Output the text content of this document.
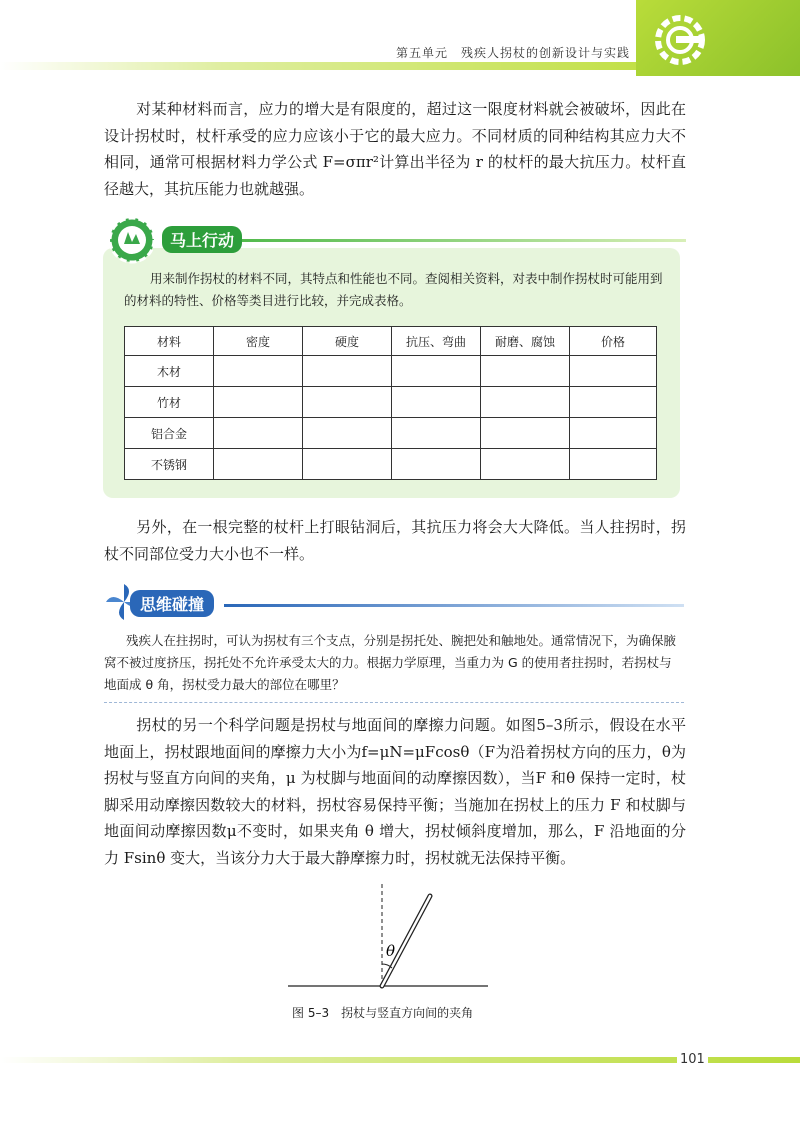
第五单元　残疾人拐杖的创新设计与实践

对某种材料而言，应力的增大是有限度的，超过这一限度材料就会被破坏，因此在设计拐杖时，杖杆承受的应力应该小于它的最大应力。不同材质的同种结构其应力大不相同，通常可根据材料力学公式 F=σπr²计算出半径为 r 的杖杆的最大抗压力。杖杆直径越大，其抗压能力也就越强。

马上行动

用来制作拐杖的材料不同，其特点和性能也不同。查阅相关资料，对表中制作拐杖时可能用到的材料的特性、价格等类目进行比较，并完成表格。

材料	密度	硬度	抗压、弯曲	耐磨、腐蚀	价格
木材					
竹材					
铝合金					
不锈钢					

另外，在一根完整的杖杆上打眼钻洞后，其抗压力将会大大降低。当人拄拐时，拐杖不同部位受力大小也不一样。

思维碰撞

残疾人在拄拐时，可认为拐杖有三个支点，分别是拐托处、腕把处和触地处。通常情况下，为确保腋窝不被过度挤压，拐托处不允许承受太大的力。根据力学原理，当重力为 G 的使用者拄拐时，若拐杖与地面成 θ 角，拐杖受力最大的部位在哪里？

拐杖的另一个科学问题是拐杖与地面间的摩擦力问题。如图5–3所示，假设在水平地面上，拐杖跟地面间的摩擦力大小为f=μN=μFcosθ（F为沿着拐杖方向的压力，θ为拐杖与竖直方向间的夹角，μ 为杖脚与地面间的动摩擦因数），当F 和θ 保持一定时，杖脚采用动摩擦因数较大的材料，拐杖容易保持平衡；当施加在拐杖上的压力 F 和杖脚与地面间动摩擦因数μ不变时，如果夹角 θ 增大，拐杖倾斜度增加，那么，F 沿地面的分力 Fsinθ 变大，当该分力大于最大静摩擦力时，拐杖就无法保持平衡。

θ
图 5–3　拐杖与竖直方向间的夹角
101
